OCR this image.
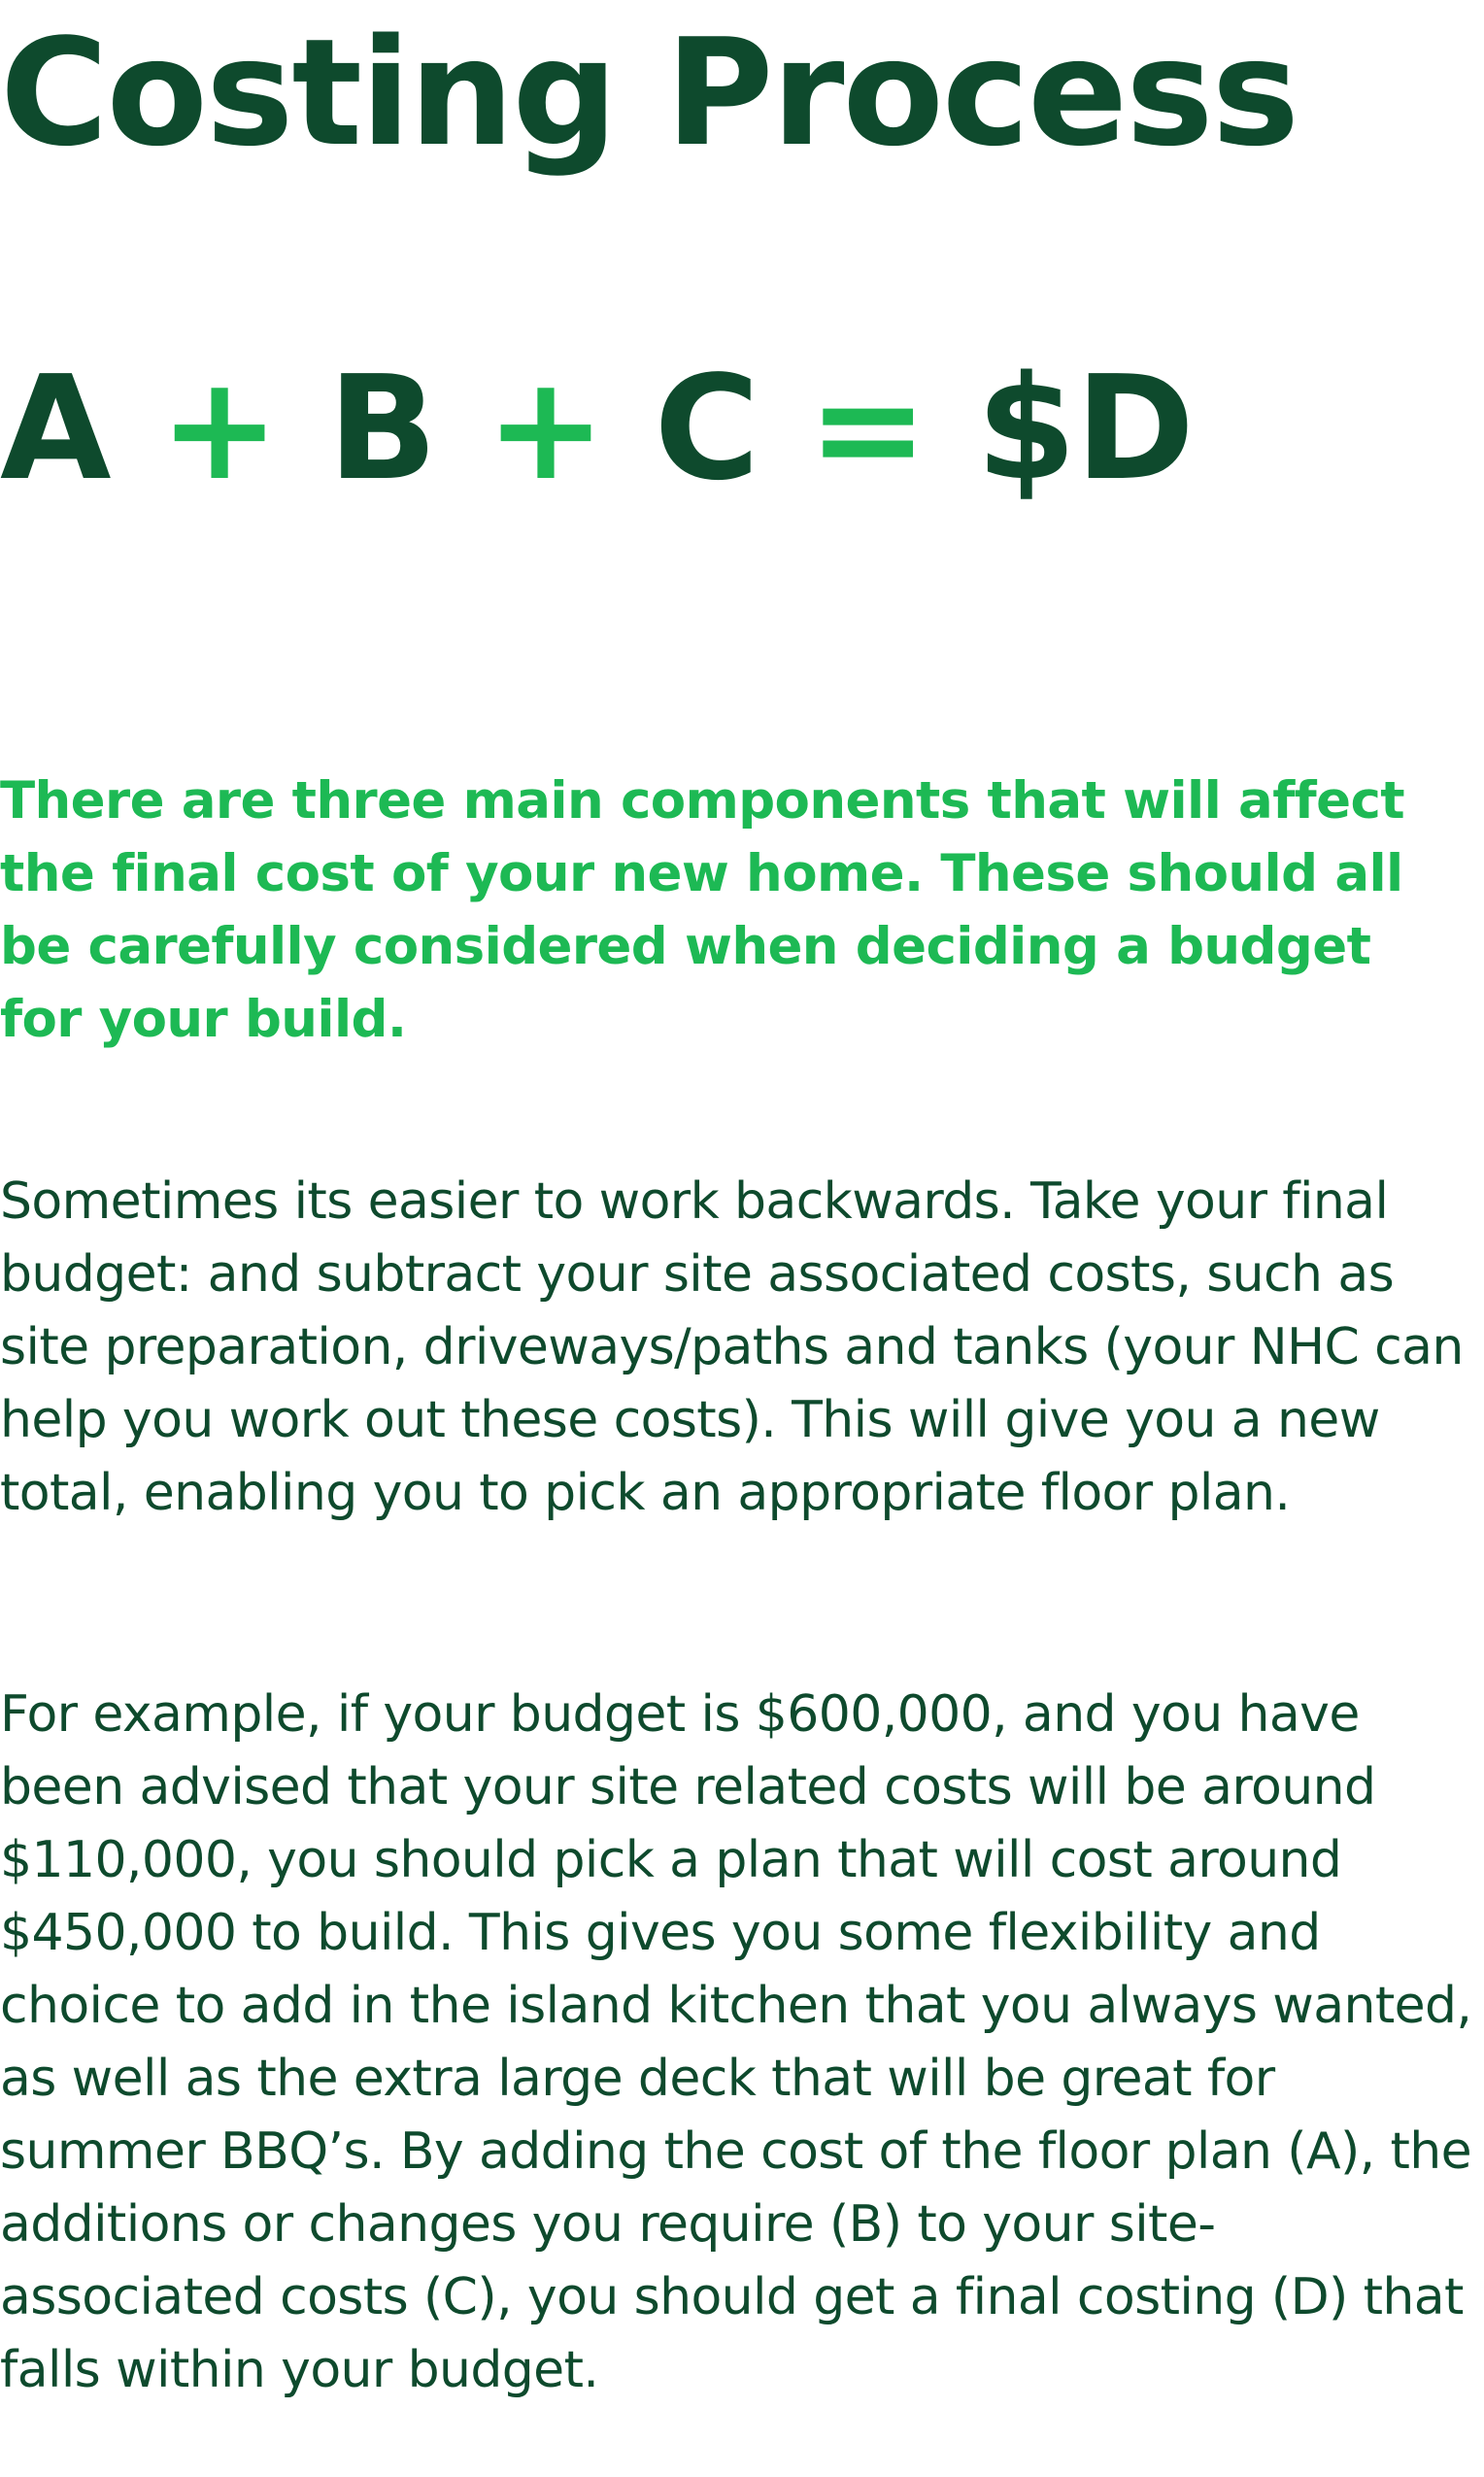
Costing Process
A + B + C = $D

There are three main components that will affect the final cost of your new home. These should all be carefully considered when deciding a budget for your build.

Sometimes its easier to work backwards. Take your final budget: and subtract your site associated costs, such as site preparation, driveways/paths and tanks (your NHC can help you work out these costs). This will give you a new total, enabling you to pick an appropriate floor plan.

For example, if your budget is $600,000, and you have been advised that your site related costs will be around $110,000, you should pick a plan that will cost around $450,000 to build. This gives you some flexibility and choice to add in the island kitchen that you always wanted, as well as the extra large deck that will be great for summer BBQ’s. By adding the cost of the floor plan (A), the additions or changes you require (B) to your site-associated costs (C), you should get a final costing (D) that falls within your budget.
